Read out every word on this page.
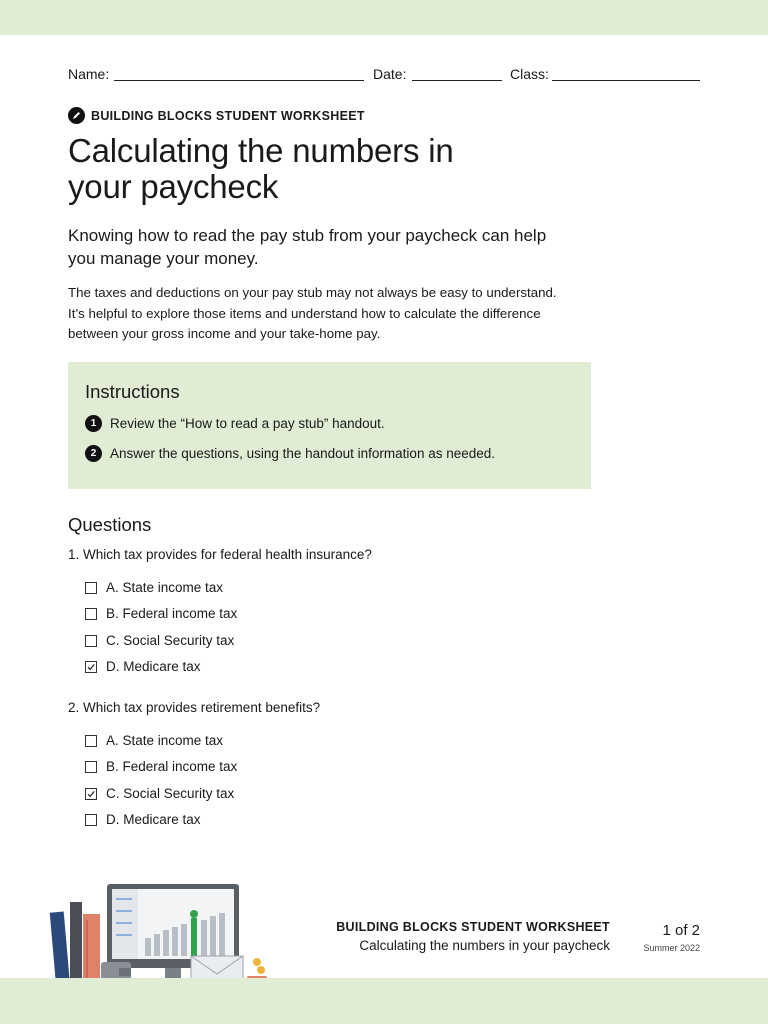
Name:	Date:	Class:
BUILDING BLOCKS STUDENT WORKSHEET
Calculating the numbers in
your paycheck

Knowing how to read the pay stub from your paycheck can help
you manage your money.

The taxes and deductions on your pay stub may not always be easy to understand.
It’s helpful to explore those items and understand how to calculate the difference
between your gross income and your take-home pay.

Instructions
1	Review the “How to read a pay stub” handout.
2	Answer the questions, using the handout information as needed.
Questions
1. Which tax provides for federal health insurance?
A. State income tax
B. Federal income tax
C. Social Security tax
D. Medicare tax
2. Which tax provides retirement benefits?
A. State income tax
B. Federal income tax
C. Social Security tax
D. Medicare tax
BUILDING BLOCKS STUDENT WORKSHEET
Calculating the numbers in your paycheck
1 of 2
Summer 2022
